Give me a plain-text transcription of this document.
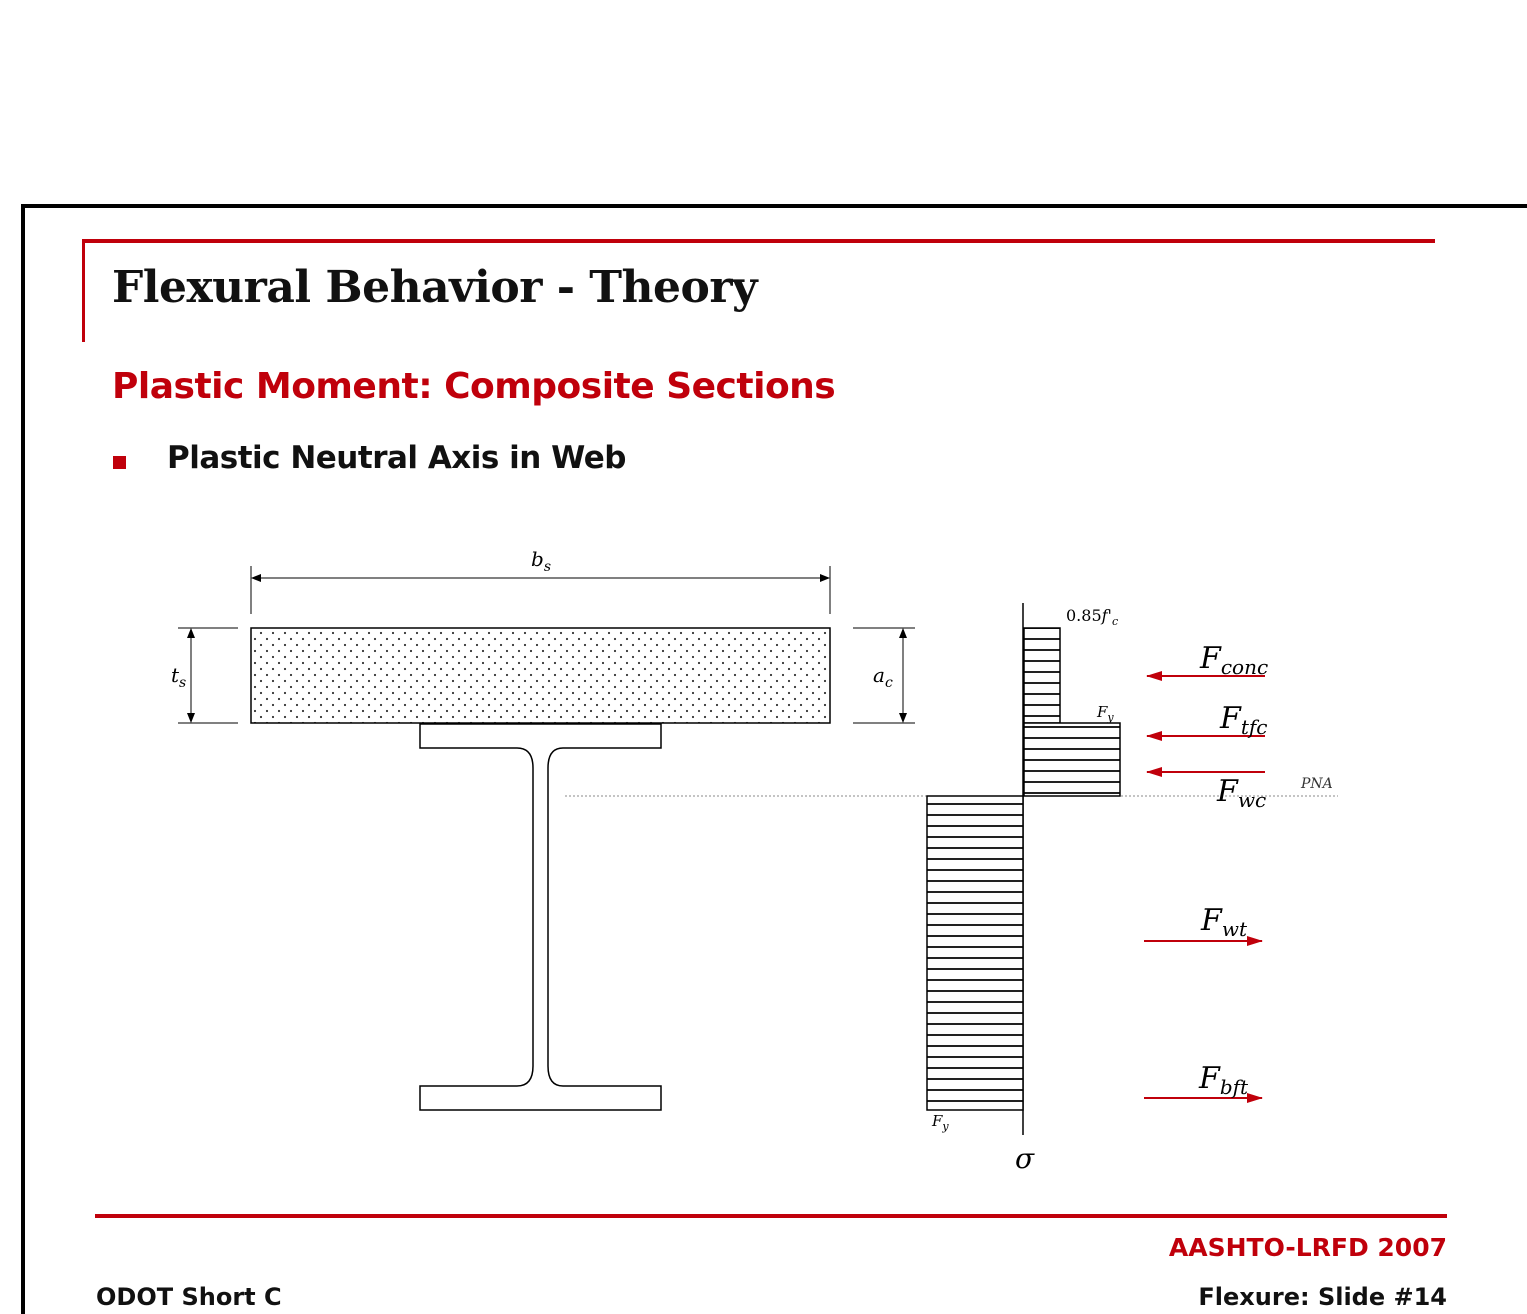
Flexural Behavior - Theory
Plastic Moment: Composite Sections
Plastic Neutral Axis in Web
$b_s$
$t_s$	$a_c$
PNA
$0.85f'_c$
$F_y$
$F_y$
σ
$F_{conc}$
$F_{tfc}$
$F_{wc}$
$F_{wt}$
$F_{bft}$
AASHTO-LRFD 2007
ODOT Short C	Flexure: Slide #14
